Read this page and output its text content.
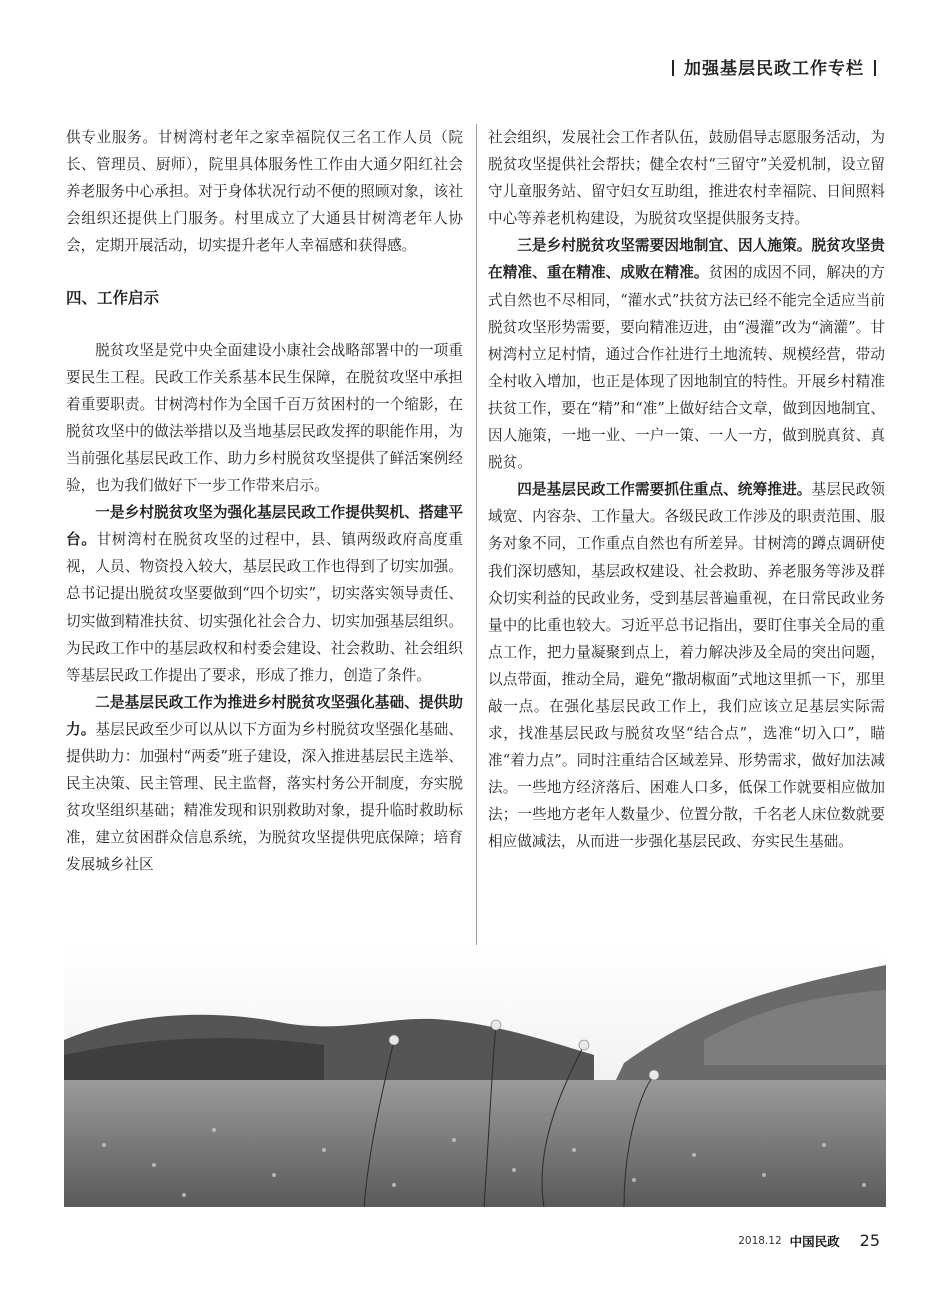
加强基层民政工作专栏

供专业服务。甘树湾村老年之家幸福院仅三名工作人员（院长、管理员、厨师），院里具体服务性工作由大通夕阳红社会养老服务中心承担。对于身体状况行动不便的照顾对象，该社会组织还提供上门服务。村里成立了大通县甘树湾老年人协会，定期开展活动，切实提升老年人幸福感和获得感。

四、工作启示

脱贫攻坚是党中央全面建设小康社会战略部署中的一项重要民生工程。民政工作关系基本民生保障，在脱贫攻坚中承担着重要职责。甘树湾村作为全国千百万贫困村的一个缩影，在脱贫攻坚中的做法举措以及当地基层民政发挥的职能作用，为当前强化基层民政工作、助力乡村脱贫攻坚提供了鲜活案例经验，也为我们做好下一步工作带来启示。

一是乡村脱贫攻坚为强化基层民政工作提供契机、搭建平台。甘树湾村在脱贫攻坚的过程中，县、镇两级政府高度重视，人员、物资投入较大，基层民政工作也得到了切实加强。总书记提出脱贫攻坚要做到“四个切实”，切实落实领导责任、切实做到精准扶贫、切实强化社会合力、切实加强基层组织。为民政工作中的基层政权和村委会建设、社会救助、社会组织等基层民政工作提出了要求，形成了推力，创造了条件。

二是基层民政工作为推进乡村脱贫攻坚强化基础、提供助力。基层民政至少可以从以下方面为乡村脱贫攻坚强化基础、提供助力：加强村“两委”班子建设，深入推进基层民主选举、民主决策、民主管理、民主监督，落实村务公开制度，夯实脱贫攻坚组织基础；精准发现和识别救助对象，提升临时救助标准，建立贫困群众信息系统，为脱贫攻坚提供兜底保障；培育发展城乡社区

社会组织，发展社会工作者队伍，鼓励倡导志愿服务活动，为脱贫攻坚提供社会帮扶；健全农村“三留守”关爱机制，设立留守儿童服务站、留守妇女互助组，推进农村幸福院、日间照料中心等养老机构建设，为脱贫攻坚提供服务支持。

三是乡村脱贫攻坚需要因地制宜、因人施策。脱贫攻坚贵在精准、重在精准、成败在精准。贫困的成因不同，解决的方式自然也不尽相同，“灌水式”扶贫方法已经不能完全适应当前脱贫攻坚形势需要，要向精准迈进，由“漫灌”改为“滴灌”。甘树湾村立足村情，通过合作社进行土地流转、规模经营，带动全村收入增加，也正是体现了因地制宜的特性。开展乡村精准扶贫工作，要在“精”和“准”上做好结合文章，做到因地制宜、因人施策，一地一业、一户一策、一人一方，做到脱真贫、真脱贫。

四是基层民政工作需要抓住重点、统筹推进。基层民政领域宽、内容杂、工作量大。各级民政工作涉及的职责范围、服务对象不同，工作重点自然也有所差异。甘树湾的蹲点调研使我们深切感知，基层政权建设、社会救助、养老服务等涉及群众切实利益的民政业务，受到基层普遍重视，在日常民政业务量中的比重也较大。习近平总书记指出，要盯住事关全局的重点工作，把力量凝聚到点上，着力解决涉及全局的突出问题，以点带面，推动全局，避免“撒胡椒面”式地这里抓一下，那里敲一点。在强化基层民政工作上，我们应该立足基层实际需求，找准基层民政与脱贫攻坚“结合点”，选准“切入口”，瞄准“着力点”。同时注重结合区域差异、形势需求，做好加法减法。一些地方经济落后、困难人口多，低保工作就要相应做加法；一些地方老年人数量少、位置分散，千名老人床位数就要相应做减法，从而进一步强化基层民政、夯实民生基础。

2018.12 中国民政 25
